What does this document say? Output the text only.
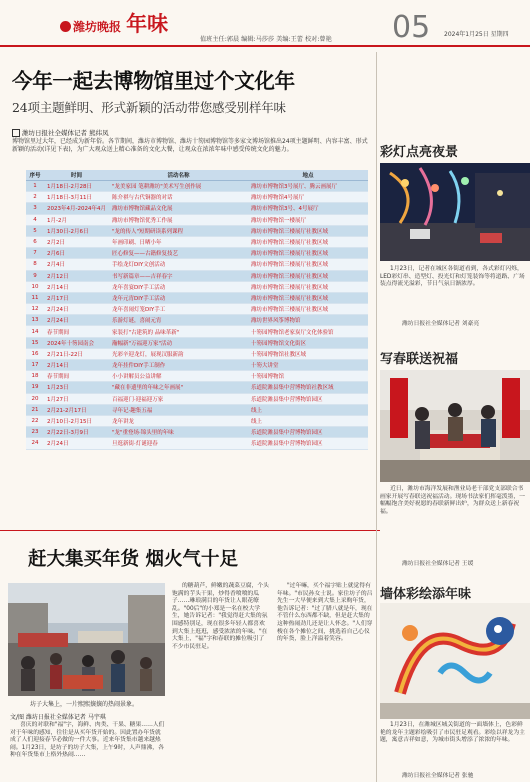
潍坊晚报 年味
值班主任:郭晨 编辑:马莎莎 美编:王蕾 校对:曾艳 05 2024年1月25日 星期四
今年一起去博物馆里过个文化年
24项主题鲜明、形式新颖的活动带您感受别样年味
潍坊日报社全媒体记者 熊纬凤
博物馆里过大年，已经成为新年俗。各节期间，潍坊市博物馆、潍坊十笏园博物馆等多家文博场馆推出24项主题鲜明、内容丰富、形式新颖的活动(详见下表)，为广大观众送上精心准备的文化大餐，让观众在浓浓年味中感受传统文化的魅力。
序号	时间	活动名称	地点
1	1月18日-2月28日	"龙美家园 笔耕潍坊"美术写生创作展	潍坊市博物馆3号展厅、腾云画展厅
2	1月18日-3月11日	陈介祺与古代铜器的对话	潍坊市博物馆4号展厅
3	2023年4月-2024年4月	潍坊市博物馆藏品文化展	潍坊市博物馆3号、4号展厅
4	1月-2月	潍坊市博物馆优秀工作展	潍坊市博物馆一楼展厅
5	1月30日-2月6日	"龙的传人"短期研读系列课程	潍坊市博物馆三楼展厅社教区域
6	2月2日	年画印刷、日晒小年	潍坊市博物馆三楼展厅社教区域
7	2月6日	匠心修复——古籍修复技艺	潍坊市博物馆三楼展厅社教区域
8	2月4日	手绘龙灯DIY文创活动	潍坊市博物馆三楼展厅社教区域
9	2月12日	书写新篇章——吉祥春字	潍坊市博物馆三楼展厅社教区域
10	2月14日	龙年喜宴DIY手工活动	潍坊市博物馆三楼展厅社教区域
11	2月17日	龙年元宵DIY手工活动	潍坊市博物馆三楼展厅社教区域
12	2月24日	龙年喜闹灯笼DIY手工	潍坊市博物馆三楼展厅社教区域
13	2月24日	乐游灯谜，喜闹元宵	潍坊世界风筝博物馆
14	春节期间	家装打"古建筑的 品味革新"	十笏园博物馆老家炭厅文化体验馆
15	2024年十笏园南会	瀚幅新"万福迎万家"活动	十笏园博物馆文化街区
16	2月21日-22日	光彩辛迎龙灯，展现汉服新韵	十笏园博物馆社教区域
17	2月14日	龙年挂件DIY手工制作	十笏大讲堂
18	春节期间	小小讲解员公益讲解	十笏园博物馆
19	1月23日	"藏在非遗里的年味之年画展"	乐道院潍县集中营博物馆社教区域
20	1月27日	百福迎门·迎福迎万家	乐道院潍县集中营博物馆园区
21	2月21-2月17日	寻年记·趣集五福	线上
22	2月10日-2月15日	龙年讲龙	线上
23	2月22日-3月9日	"龙"重登场·锦头里的年味	乐道院潍县集中营博物馆园区
24	2月24日	旦逛新街·灯谜迎春	乐道院潍县集中营博物馆园区
赶大集买年货 烟火气十足
坊子大集上，一片熙熙攘攘的热闹景象。
文/图 潍坊日报社全媒体记者 马宇琪

喜庆的对联和"福"字，海鲜、肉类、干果、糖果……人们对于年味的感知，往往是从买年货开始的。因此置办年货就成了人们迎接春节必做的一件大事。近来年货集市越来越热闹。1月23日，是坊子的坊子大集，上午9时，人声鼎沸，各种在年货集市上格外热闹……

的糖葫芦，鲜嫩的蔬菜豆腐，个头饱满的芋头干果，炒得香喷喷的瓜子……琳琅满目的年货让人眼花缭乱。"00后"的小郑是一名在校大学生，她告诉记者："我觉得赶大集的氛围感特别足，现在很多年轻人都喜欢到大集上逛逛，感受浓浓的年味。"在大集上，"福"字和春联的摊位吸引了不少市民驻足。

"过年嘛，买个福字贴上就觉得有年味。"市民孙女士说。家住坊子的吕先生一大早便来到大集上采购年货，他告诉记者："过了腊八就是年，现在不管什么东西都不缺，但是赶大集的这种热闹劲儿还是让人怀念。"人们穿梭在各个摊位之间，挑选着自己心仪的年货，脸上洋溢着笑容。

彩灯点亮夜景

1月23日，记者在城区各街道看到，各式彩灯闪烁，LED彩灯串、造型灯、投光灯和灯笼装饰等将道路、广场装点得流光溢彩，节日气氛日渐浓厚。

潍坊日报社全媒体记者 刘豪亮
写春联送祝福

近日，潍坊市海洋发展和渔业局老干部党支部联合书画家开展写春联送祝福活动。现场书法家们挥毫泼墨，一幅幅饱含美好祝愿的春联新鲜出炉，为群众送上新春祝福。

潍坊日报社全媒体记者 王缓
墙体彩绘添年味

1月23日，在潍城区城关街道的一面墙体上，色彩鲜艳的龙年主题彩绘吸引了市民驻足观看。彩绘以祥龙为主题，寓意吉祥如意，为城市街头增添了浓浓的年味。

潍坊日报社全媒体记者 张驰
